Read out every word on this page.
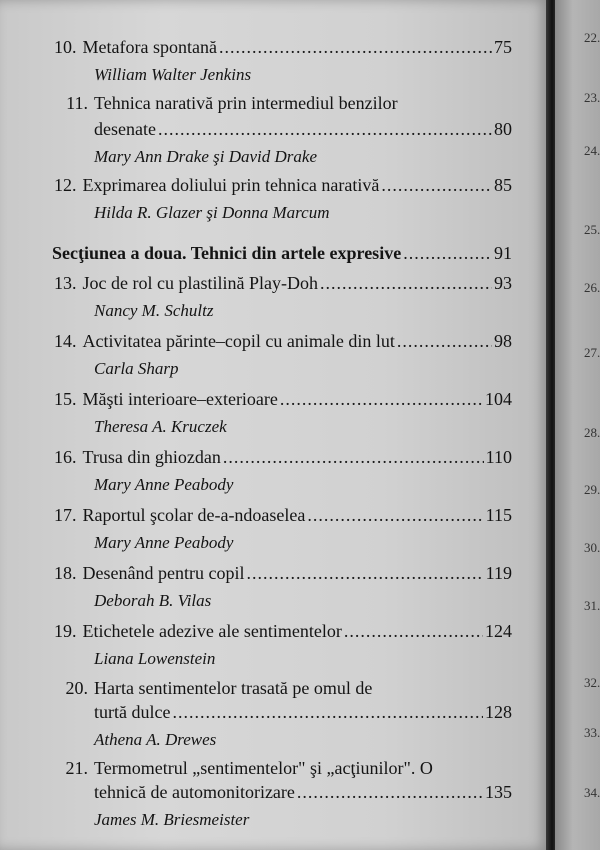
22.
23.
24.
25.
26.
27.
28.
29.
30.
31.
32.
33.
34.
10. Metafora spontană .....	75
William Walter Jenkins
11. Tehnica narativă prin intermediul benzilor
desenate .....	80
Mary Ann Drake şi David Drake
12. Exprimarea doliului prin tehnica narativă .....	85
Hilda R. Glazer şi Donna Marcum
Secţiunea a doua. Tehnici din artele expresive .....	91
13. Joc de rol cu plastilină Play-Doh .....	93
Nancy M. Schultz
14. Activitatea părinte–copil cu animale din lut .....	98
Carla Sharp
15. Măşti interioare–exterioare .....	104
Theresa A. Kruczek
16. Trusa din ghiozdan .....	110
Mary Anne Peabody
17. Raportul şcolar de-a-ndoaselea .....	115
Mary Anne Peabody
18. Desenând pentru copil .....	119
Deborah B. Vilas
19. Etichetele adezive ale sentimentelor .....	124
Liana Lowenstein
20. Harta sentimentelor trasată pe omul de
turtă dulce .....	128
Athena A. Drewes
21. Termometrul „sentimentelor" şi „acţiunilor". O
tehnică de automonitorizare .....	135
James M. Briesmeister
